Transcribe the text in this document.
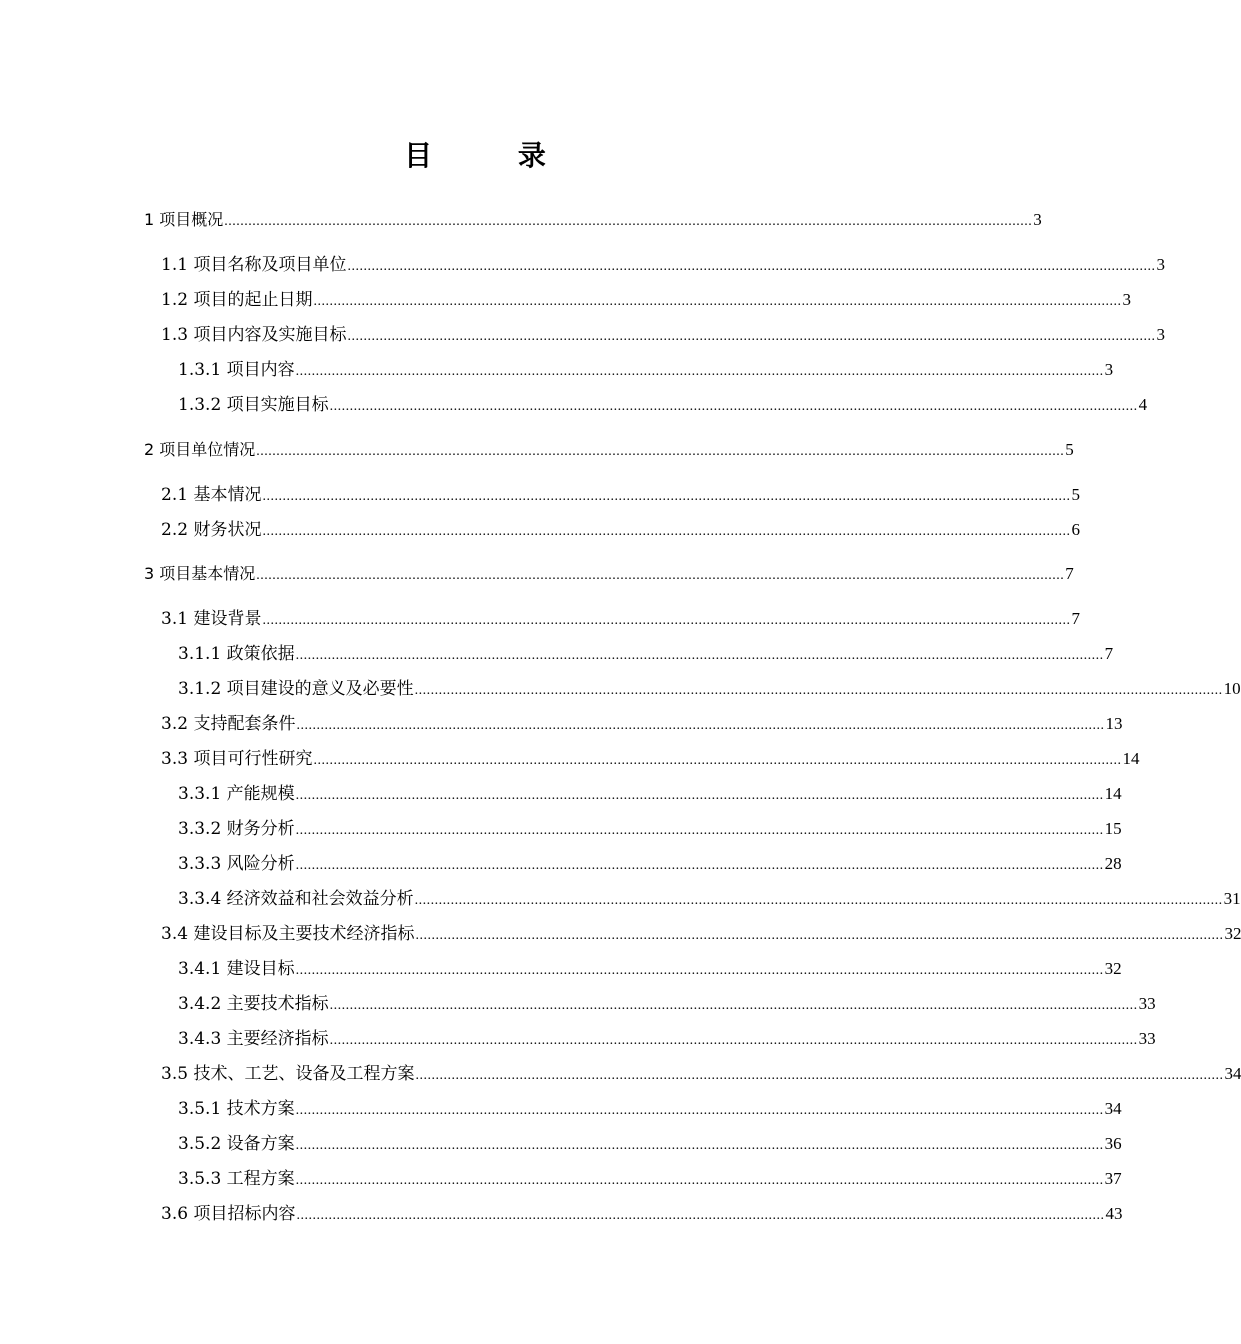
目 录
1 项目概况 .......................................................................................................................................................................................................... 3
1.1 项目名称及项目单位 .......................................................................................................................................................................................................... 3
1.2 项目的起止日期 .......................................................................................................................................................................................................... 3
1.3 项目内容及实施目标 .......................................................................................................................................................................................................... 3
1.3.1 项目内容 .......................................................................................................................................................................................................... 3
1.3.2 项目实施目标 .......................................................................................................................................................................................................... 4
2 项目单位情况 .......................................................................................................................................................................................................... 5
2.1 基本情况 .......................................................................................................................................................................................................... 5
2.2 财务状况 .......................................................................................................................................................................................................... 6
3 项目基本情况 .......................................................................................................................................................................................................... 7
3.1 建设背景 .......................................................................................................................................................................................................... 7
3.1.1 政策依据 .......................................................................................................................................................................................................... 7
3.1.2 项目建设的意义及必要性 .......................................................................................................................................................................................................... 10
3.2 支持配套条件 .......................................................................................................................................................................................................... 13
3.3 项目可行性研究 .......................................................................................................................................................................................................... 14
3.3.1 产能规模 .......................................................................................................................................................................................................... 14
3.3.2 财务分析 .......................................................................................................................................................................................................... 15
3.3.3 风险分析 .......................................................................................................................................................................................................... 28
3.3.4 经济效益和社会效益分析 .......................................................................................................................................................................................................... 31
3.4 建设目标及主要技术经济指标 .......................................................................................................................................................................................................... 32
3.4.1 建设目标 .......................................................................................................................................................................................................... 32
3.4.2 主要技术指标 .......................................................................................................................................................................................................... 33
3.4.3 主要经济指标 .......................................................................................................................................................................................................... 33
3.5 技术、工艺、设备及工程方案 .......................................................................................................................................................................................................... 34
3.5.1 技术方案 .......................................................................................................................................................................................................... 34
3.5.2 设备方案 .......................................................................................................................................................................................................... 36
3.5.3 工程方案 .......................................................................................................................................................................................................... 37
3.6 项目招标内容 .......................................................................................................................................................................................................... 43
